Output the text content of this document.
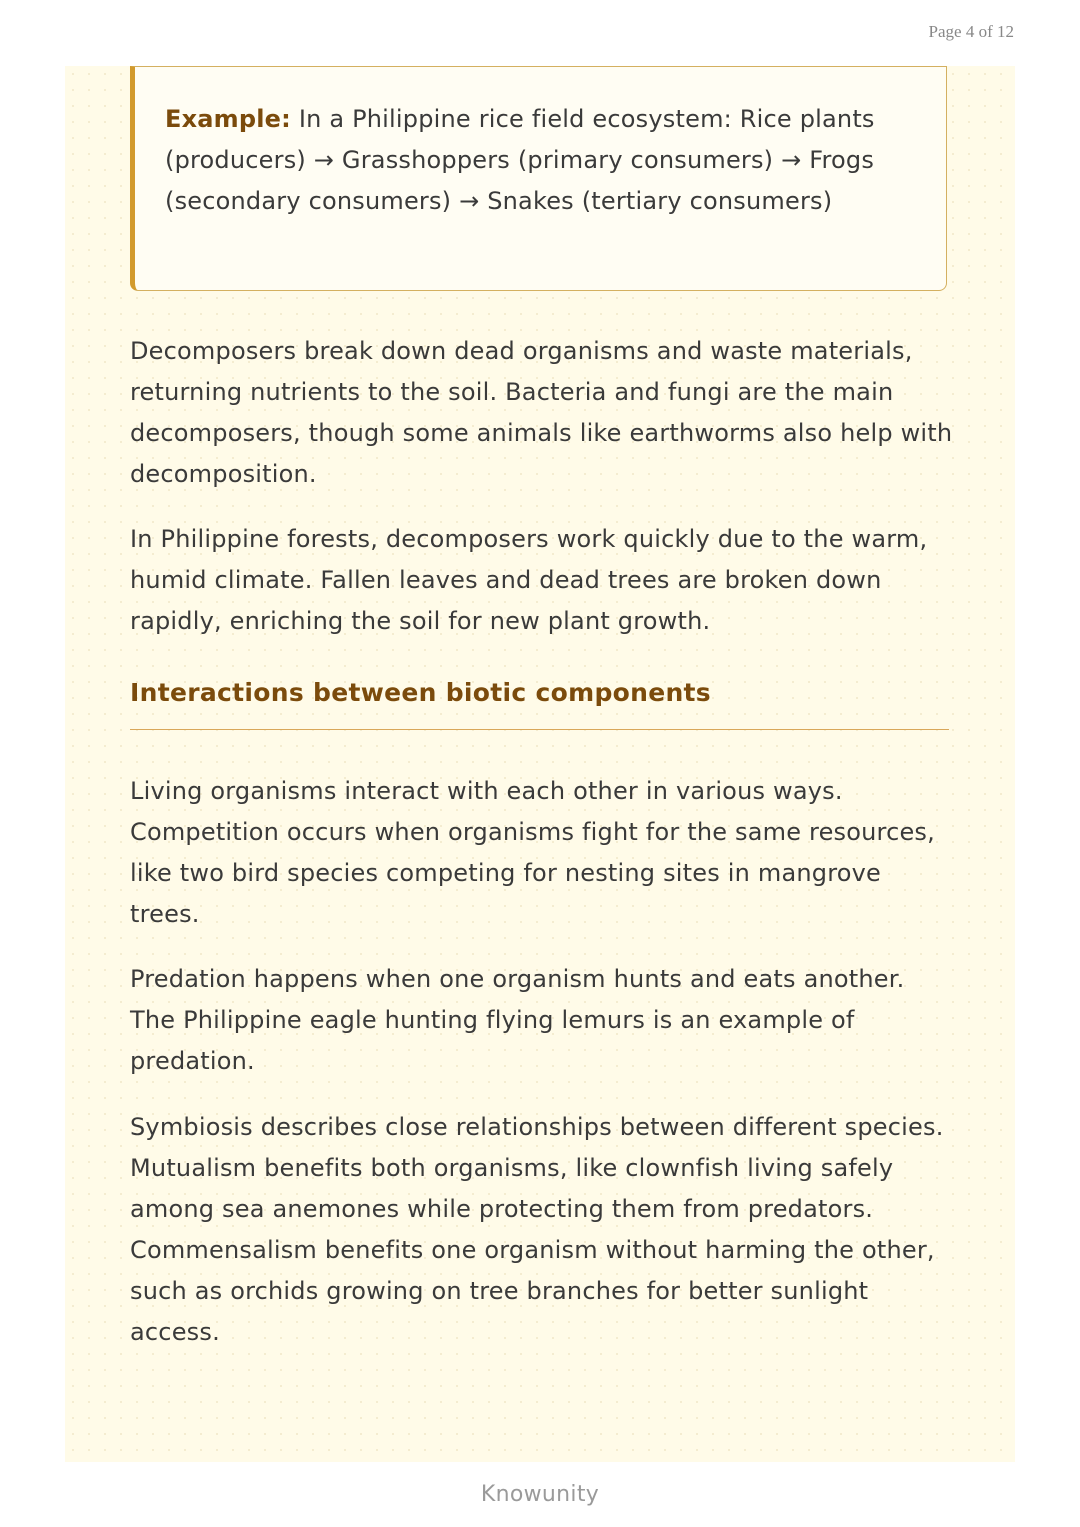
Page 4 of 12

Example: In a Philippine rice field ecosystem: Rice plants (producers) → Grasshoppers (primary consumers) → Frogs (secondary consumers) → Snakes (tertiary consumers)

Decomposers break down dead organisms and waste materials, returning nutrients to the soil. Bacteria and fungi are the main decomposers, though some animals like earthworms also help with decomposition.

In Philippine forests, decomposers work quickly due to the warm, humid climate. Fallen leaves and dead trees are broken down rapidly, enriching the soil for new plant growth.

Interactions between biotic components

Living organisms interact with each other in various ways. Competition occurs when organisms fight for the same resources, like two bird species competing for nesting sites in mangrove trees.

Predation happens when one organism hunts and eats another. The Philippine eagle hunting flying lemurs is an example of predation.

Symbiosis describes close relationships between different species. Mutualism benefits both organisms, like clownfish living safely among sea anemones while protecting them from predators. Commensalism benefits one organism without harming the other, such as orchids growing on tree branches for better sunlight access.

Knowunity
